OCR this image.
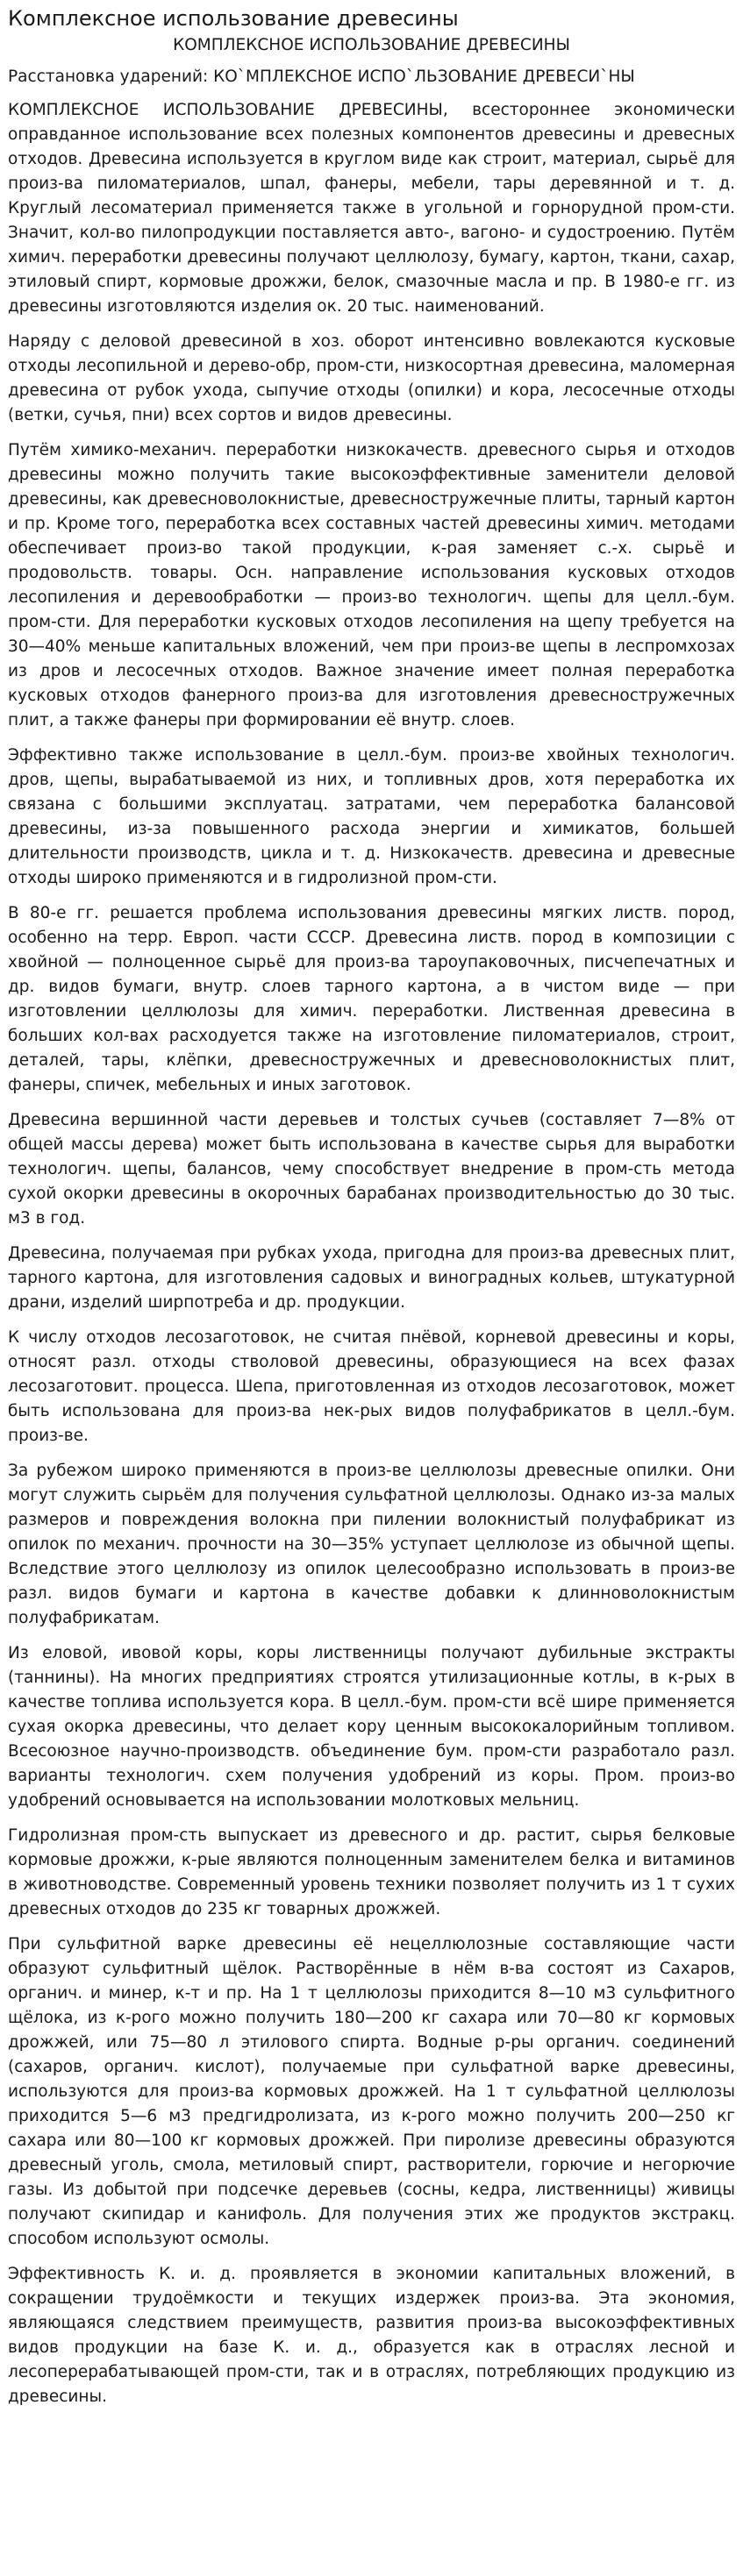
Комплексное использование древесины
КОМПЛЕКСНОЕ ИСПОЛЬЗОВАНИЕ ДРЕВЕСИНЫ
Расстановка ударений: КО`МПЛЕКСНОЕ ИСПО`ЛЬЗОВАНИЕ ДРЕВЕСИ`НЫ

КОМПЛЕКСНОЕ ИСПОЛЬЗОВАНИЕ ДРЕВЕСИНЫ, всестороннее экономически оправданное использование всех полезных компонентов древесины и древесных отходов. Древесина используется в круглом виде как строит, материал, сырьё для произ-ва пиломатериалов, шпал, фанеры, мебели, тары деревянной и т. д. Круглый лесоматериал применяется также в угольной и горнорудной пром-сти. Значит, кол-во пилопродукции поставляется авто-, вагоно- и судостроению. Путём химич. переработки древесины получают целлюлозу, бумагу, картон, ткани, сахар, этиловый спирт, кормовые дрожжи, белок, смазочные масла и пр. В 1980-е гг. из древесины изготовляются изделия ок. 20 тыс. наименований.

Наряду с деловой древесиной в хоз. оборот интенсивно вовлекаются кусковые отходы лесопильной и дерево-обр, пром-сти, низкосортная древесина, маломерная древесина от рубок ухода, сыпучие отходы (опилки) и кора, лесосечные отходы (ветки, сучья, пни) всех сортов и видов древесины.

Путём химико-механич. переработки низкокачеств. древесного сырья и отходов древесины можно получить такие высокоэффективные заменители деловой древесины, как древесноволокнистые, древесностружечные плиты, тарный картон и пр. Кроме того, переработка всех составных частей древесины химич. методами обеспечивает произ-во такой продукции, к-рая заменяет с.-х. сырьё и продовольств. товары. Осн. направление использования кусковых отходов лесопиления и деревообработки — произ-во технологич. щепы для целл.-бум. пром-сти. Для переработки кусковых отходов лесопиления на щепу требуется на 30—40% меньше капитальных вложений, чем при произ-ве щепы в леспромхозах из дров и лесосечных отходов. Важное значение имеет полная переработка кусковых отходов фанерного произ-ва для изготовления древесностружечных плит, а также фанеры при формировании её внутр. слоев.

Эффективно также использование в целл.-бум. произ-ве хвойных технологич. дров, щепы, вырабатываемой из них, и топливных дров, хотя переработка их связана с большими эксплуатац. затратами, чем переработка балансовой древесины, из-за повышенного расхода энергии и химикатов, большей длительности производств, цикла и т. д. Низкокачеств. древесина и древесные отходы широко применяются и в гидролизной пром-сти.

В 80-е гг. решается проблема использования древесины мягких листв. пород, особенно на терр. Европ. части СССР. Древесина листв. пород в композиции с хвойной — полноценное сырьё для произ-ва тароупаковочных, писчепечатных и др. видов бумаги, внутр. слоев тарного картона, а в чистом виде — при изготовлении целлюлозы для химич. переработки. Лиственная древесина в больших кол-вах расходуется также на изготовление пиломатериалов, строит, деталей, тары, клёпки, древесностружечных и древесноволокнистых плит, фанеры, спичек, мебельных и иных заготовок.

Древесина вершинной части деревьев и толстых сучьев (составляет 7—8% от общей массы дерева) может быть использована в качестве сырья для выработки технологич. щепы, балансов, чему способствует внедрение в пром-сть метода сухой окорки древесины в окорочных барабанах производительностью до 30 тыс. м3 в год.

Древесина, получаемая при рубках ухода, пригодна для произ-ва древесных плит, тарного картона, для изготовления садовых и виноградных кольев, штукатурной драни, изделий ширпотреба и др. продукции.

К числу отходов лесозаготовок, не считая пнёвой, корневой древесины и коры, относят разл. отходы стволовой древесины, образующиеся на всех фазах лесозаготовит. процесса. Шепа, приготовленная из отходов лесозаготовок, может быть использована для произ-ва нек-рых видов полуфабрикатов в целл.-бум. произ-ве.

За рубежом широко применяются в произ-ве целлюлозы древесные опилки. Они могут служить сырьём для получения сульфатной целлюлозы. Однако из-за малых размеров и повреждения волокна при пилении волокнистый полуфабрикат из опилок по механич. прочности на 30—35% уступает целлюлозе из обычной щепы. Вследствие этого целлюлозу из опилок целесообразно использовать в произ-ве разл. видов бумаги и картона в качестве добавки к длинноволокнистым полуфабрикатам.

Из еловой, ивовой коры, коры лиственницы получают дубильные экстракты (таннины). На многих предприятиях строятся утилизационные котлы, в к-рых в качестве топлива используется кора. В целл.-бум. пром-сти всё шире применяется сухая окорка древесины, что делает кору ценным высококалорийным топливом. Всесоюзное научно-производств. объединение бум. пром-сти разработало разл. варианты технологич. схем получения удобрений из коры. Пром. произ-во удобрений основывается на использовании молотковых мельниц.

Гидролизная пром-сть выпускает из древесного и др. растит, сырья белковые кормовые дрожжи, к-рые являются полноценным заменителем белка и витаминов в животноводстве. Современный уровень техники позволяет получить из 1 т сухих древесных отходов до 235 кг товарных дрожжей.

При сульфитной варке древесины её нецеллюлозные составляющие части образуют сульфитный щёлок. Растворённые в нём в-ва состоят из Сахаров, органич. и минер, к-т и пр. На 1 т целлюлозы приходится 8—10 м3 сульфитного щёлока, из к-рого можно получить 180—200 кг сахара или 70—80 кг кормовых дрожжей, или 75—80 л этилового спирта. Водные р-ры органич. соединений (сахаров, органич. кислот), получаемые при сульфатной варке древесины, используются для произ-ва кормовых дрожжей. На 1 т сульфатной целлюлозы приходится 5—6 м3 предгидролизата, из к-рого можно получить 200—250 кг сахара или 80—100 кг кормовых дрожжей. При пиролизе древесины образуются древесный уголь, смола, метиловый спирт, растворители, горючие и негорючие газы. Из добытой при подсечке деревьев (сосны, кедра, лиственницы) живицы получают скипидар и канифоль. Для получения этих же продуктов экстракц. способом используют осмолы.

Эффективность К. и. д. проявляется в экономии капитальных вложений, в сокращении трудоёмкости и текущих издержек произ-ва. Эта экономия, являющаяся следствием преимуществ, развития произ-ва высокоэффективных видов продукции на базе К. и. д., образуется как в отраслях лесной и лесоперерабатывающей пром-сти, так и в отраслях, потребляющих продукцию из древесины.
